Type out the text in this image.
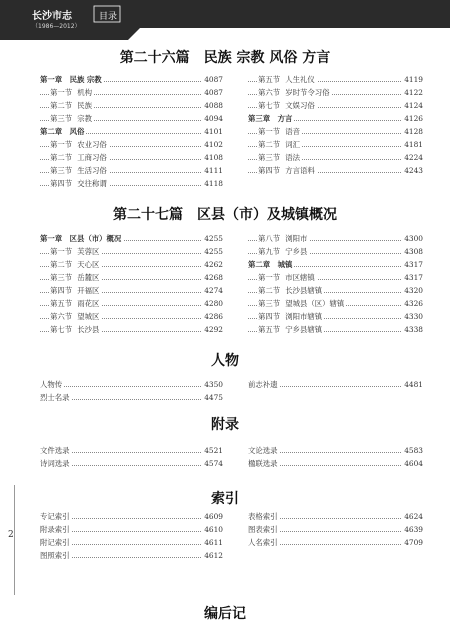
长沙市志
（1986—2012）
目录
第二十六篇　民族 宗教 风俗 方言
第二十七篇　区县（市）及城镇概况
人物
附录
索引
编后记
第一章　民族 宗教	4087
第一节 机构	4087
第二节 民族	4088
第三节 宗教	4094
第二章　风俗	4101
第一节 农业习俗	4102
第二节 工商习俗	4108
第三节 生活习俗	4111
第四节 交往称谓	4118
第五节 人生礼仪	4119
第六节 岁时节令习俗	4122
第七节 文娱习俗	4124
第三章　方言	4126
第一节 语音	4128
第二节 词汇	4181
第三节 语法	4224
第四节 方言语料	4243
第一章　区县（市）概况	4255
第一节 芙蓉区	4255
第二节 天心区	4262
第三节 岳麓区	4268
第四节 开福区	4274
第五节 雨花区	4280
第六节 望城区	4286
第七节 长沙县	4292
第八节 浏阳市	4300
第九节 宁乡县	4308
第二章　城镇	4317
第一节 市区辖镇	4317
第二节 长沙县辖镇	4320
第三节 望城县（区）辖镇	4326
第四节 浏阳市辖镇	4330
第五节 宁乡县辖镇	4338
人物传	4350
烈士名录	4475
前志补遗	4481
文件选录	4521
诗词选录	4574
文论选录	4583
楹联选录	4604
专记索引	4609
附录索引	4610
附记索引	4611
图照索引	4612
表格索引	4624
图表索引	4639
人名索引	4709
2
